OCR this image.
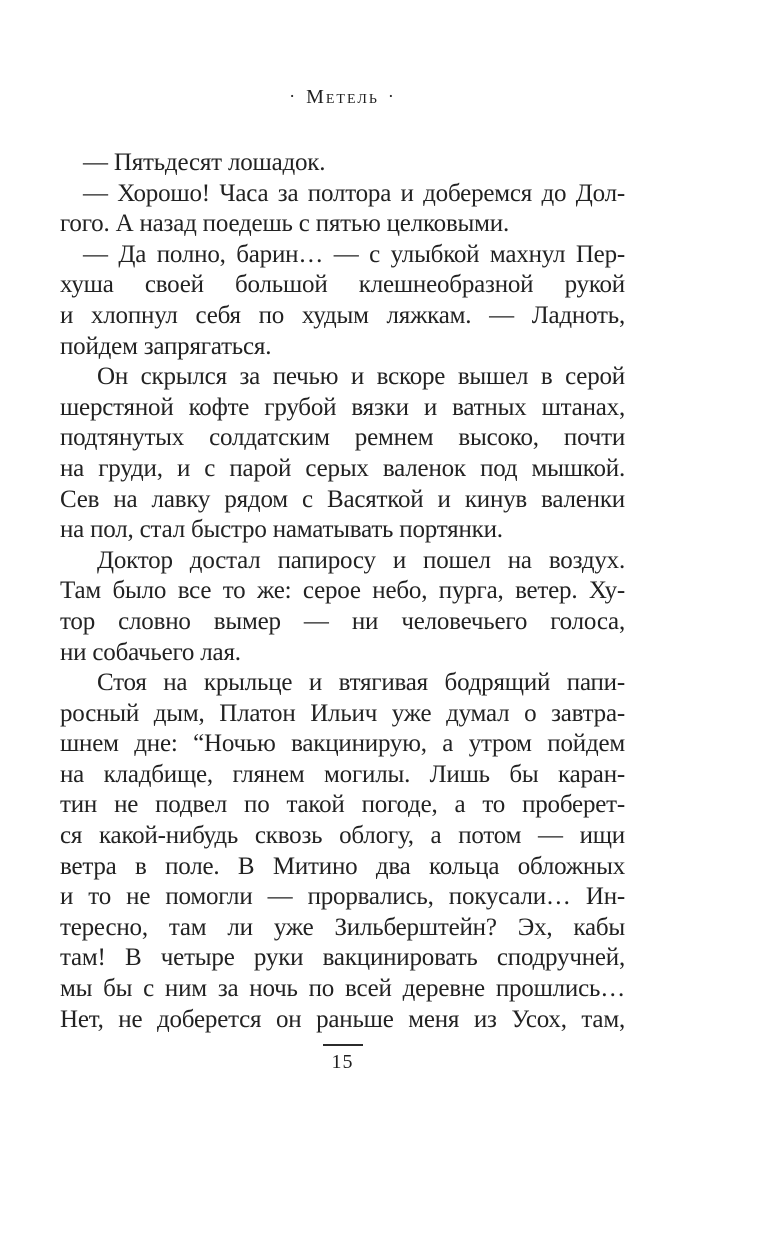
· Метель ·
— Пятьдесят лошадок.
— Хорошо! Часа за полтора и доберемся до Дол-
гого. А назад поедешь с пятью целковыми.
— Да полно, барин… — с улыбкой махнул Пер-
хуша своей большой клешнеобразной рукой
и хлопнул себя по худым ляжкам. — Ладноть,
пойдем запрягаться.
Он скрылся за печью и вскоре вышел в серой
шерстяной кофте грубой вязки и ватных штанах,
подтянутых солдатским ремнем высоко, почти
на груди, и с парой серых валенок под мышкой.
Сев на лавку рядом с Васяткой и кинув валенки
на пол, стал быстро наматывать портянки.
Доктор достал папиросу и пошел на воздух.
Там было все то же: серое небо, пурга, ветер. Ху-
тор словно вымер — ни человечьего голоса,
ни собачьего лая.
Стоя на крыльце и втягивая бодрящий папи-
росный дым, Платон Ильич уже думал о завтра-
шнем дне: “Ночью вакцинирую, а утром пойдем
на кладбище, глянем могилы. Лишь бы каран-
тин не подвел по такой погоде, а то проберет-
ся какой-нибудь сквозь облогу, а потом — ищи
ветра в поле. В Митино два кольца обложных
и то не помогли — прорвались, покусали… Ин-
тересно, там ли уже Зильберштейн? Эх, кабы
там! В четыре руки вакцинировать сподручней,
мы бы с ним за ночь по всей деревне прошлись…
Нет, не доберется он раньше меня из Усох, там,
15
